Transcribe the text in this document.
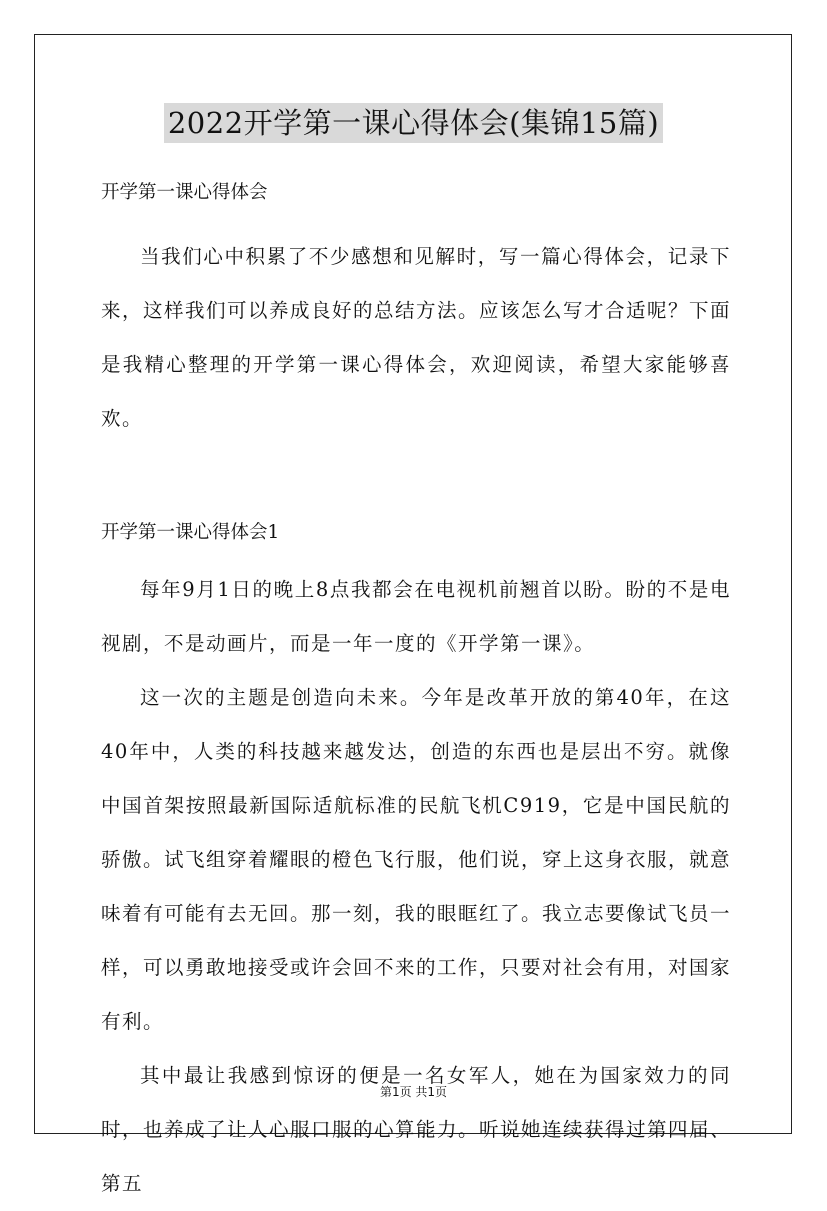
2022开学第一课心得体会(集锦15篇)

开学第一课心得体会

当我们心中积累了不少感想和见解时，写一篇心得体会，记录下来，这样我们可以养成良好的总结方法。应该怎么写才合适呢？下面是我精心整理的开学第一课心得体会，欢迎阅读，希望大家能够喜欢。

开学第一课心得体会1

每年9月1日的晚上8点我都会在电视机前翘首以盼。盼的不是电视剧，不是动画片，而是一年一度的《开学第一课》。

这一次的主题是创造向未来。今年是改革开放的第40年，在这40年中，人类的科技越来越发达，创造的东西也是层出不穷。就像中国首架按照最新国际适航标准的民航飞机C919，它是中国民航的骄傲。试飞组穿着耀眼的橙色飞行服，他们说，穿上这身衣服，就意味着有可能有去无回。那一刻，我的眼眶红了。我立志要像试飞员一样，可以勇敢地接受或许会回不来的工作，只要对社会有用，对国家有利。

其中最让我感到惊讶的便是一名女军人，她在为国家效力的同时，也养成了让人心服口服的心算能力。听说她连续获得过第四届、第五

第1页 共1页
